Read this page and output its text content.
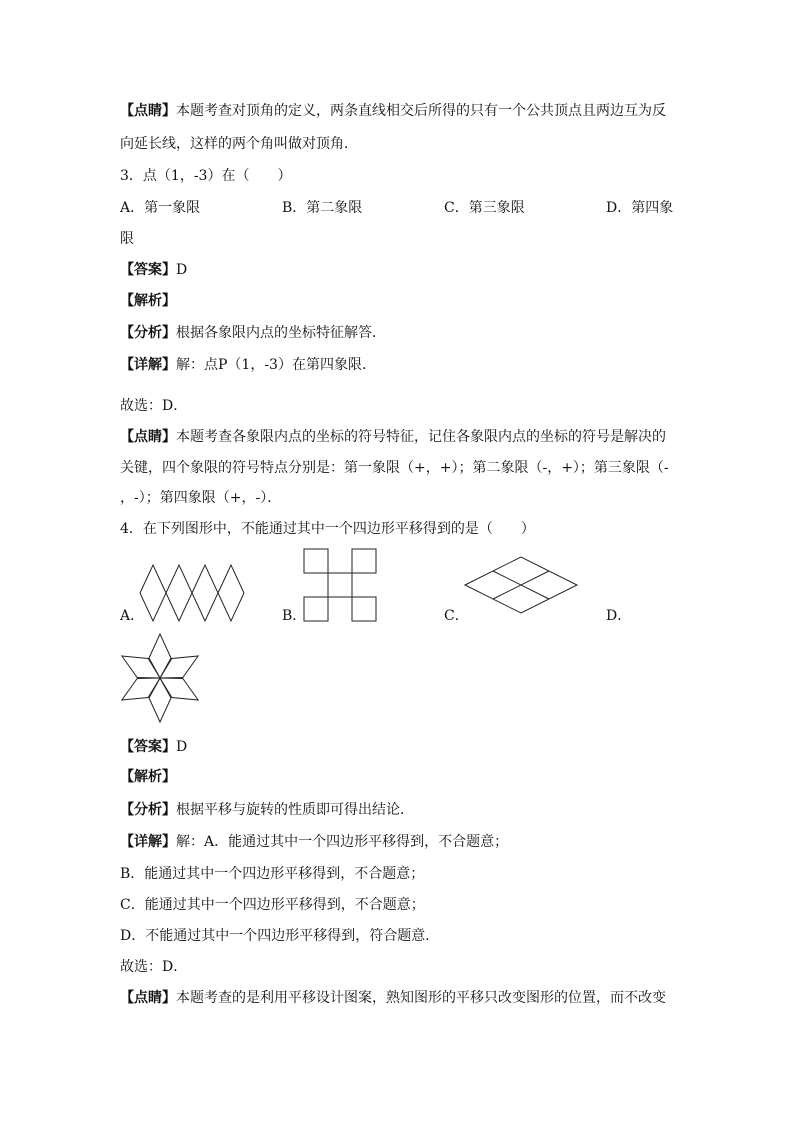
【点睛】本题考查对顶角的定义，两条直线相交后所得的只有一个公共顶点且两边互为反
向延长线，这样的两个角叫做对顶角．
3．点（1，-3）在（　　）
A．第一象限	B．第二象限	C．第三象限	D．第四象
限
【答案】D
【解析】
【分析】根据各象限内点的坐标特征解答．
【详解】解：点P（1，-3）在第四象限．
故选：D．
【点睛】本题考查各象限内点的坐标的符号特征，记住各象限内点的坐标的符号是解决的
关键，四个象限的符号特点分别是：第一象限（+，+）；第二象限（-，+）；第三象限（-
，-）；第四象限（+，-）．
4．在下列图形中，不能通过其中一个四边形平移得到的是（　　）
A．	B．	C．	D．
【答案】D
【解析】
【分析】根据平移与旋转的性质即可得出结论．
【详解】解：A．能通过其中一个四边形平移得到，不合题意；
B．能通过其中一个四边形平移得到，不合题意；
C．能通过其中一个四边形平移得到，不合题意；
D．不能通过其中一个四边形平移得到，符合题意．
故选：D．
【点睛】本题考查的是利用平移设计图案，熟知图形的平移只改变图形的位置，而不改变
